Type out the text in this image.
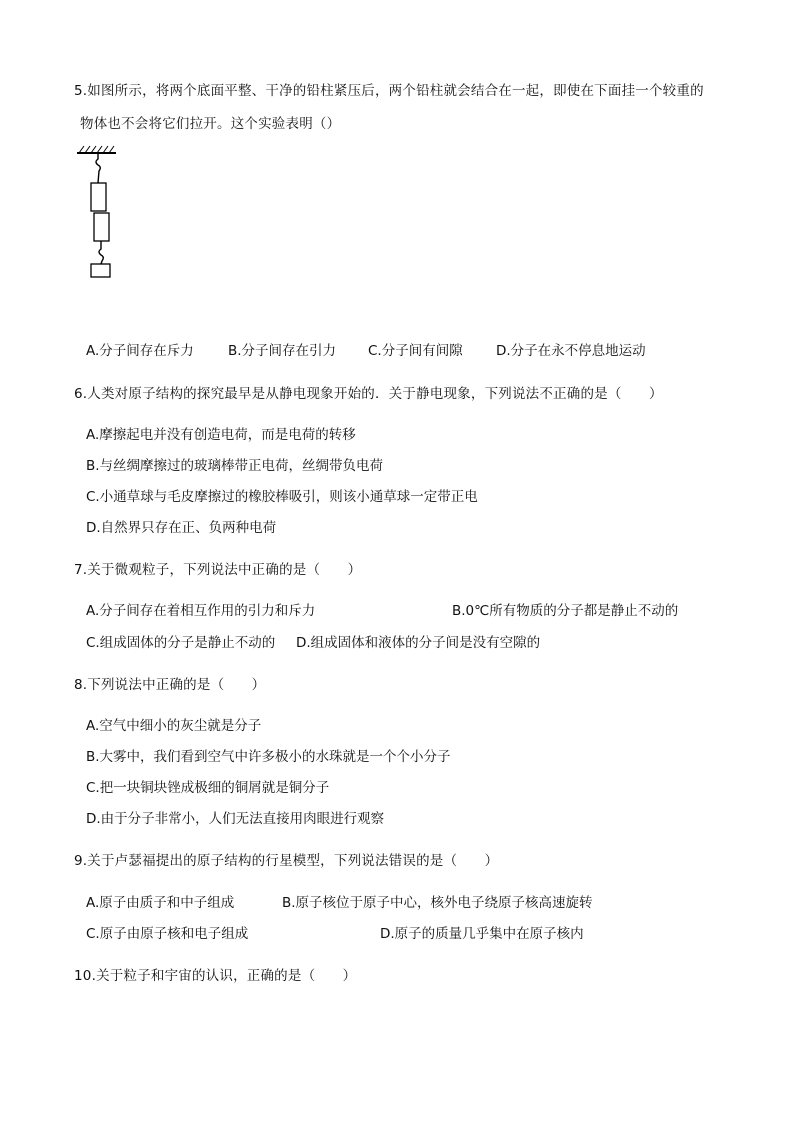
5.如图所示，将两个底面平整、干净的铅柱紧压后，两个铅柱就会结合在一起，即使在下面挂一个较重的
物体也不会将它们拉开。这个实验表明（）
A.分子间存在斥力	B.分子间存在引力 C.分子间有间隙 D.分子在永不停息地运动
6.人类对原子结构的探究最早是从静电现象开始的．关于静电现象，下列说法不正确的是（　　）
A.摩擦起电并没有创造电荷，而是电荷的转移
B.与丝绸摩擦过的玻璃棒带正电荷，丝绸带负电荷
C.小通草球与毛皮摩擦过的橡胶棒吸引，则该小通草球一定带正电
D.自然界只存在正、负两种电荷
7.关于微观粒子，下列说法中正确的是（　　）
A.分子间存在着相互作用的引力和斥力	B.0℃所有物质的分子都是静止不动的
C.组成固体的分子是静止不动的 D.组成固体和液体的分子间是没有空隙的
8.下列说法中正确的是（　　）
A.空气中细小的灰尘就是分子
B.大雾中，我们看到空气中许多极小的水珠就是一个个小分子
C.把一块铜块锉成极细的铜屑就是铜分子
D.由于分子非常小，人们无法直接用肉眼进行观察
9.关于卢瑟福提出的原子结构的行星模型，下列说法错误的是（　　）
A.原子由质子和中子组成	B.原子核位于原子中心，核外电子绕原子核高速旋转
C.原子由原子核和电子组成	D.原子的质量几乎集中在原子核内
10.关于粒子和宇宙的认识，正确的是（　　）
